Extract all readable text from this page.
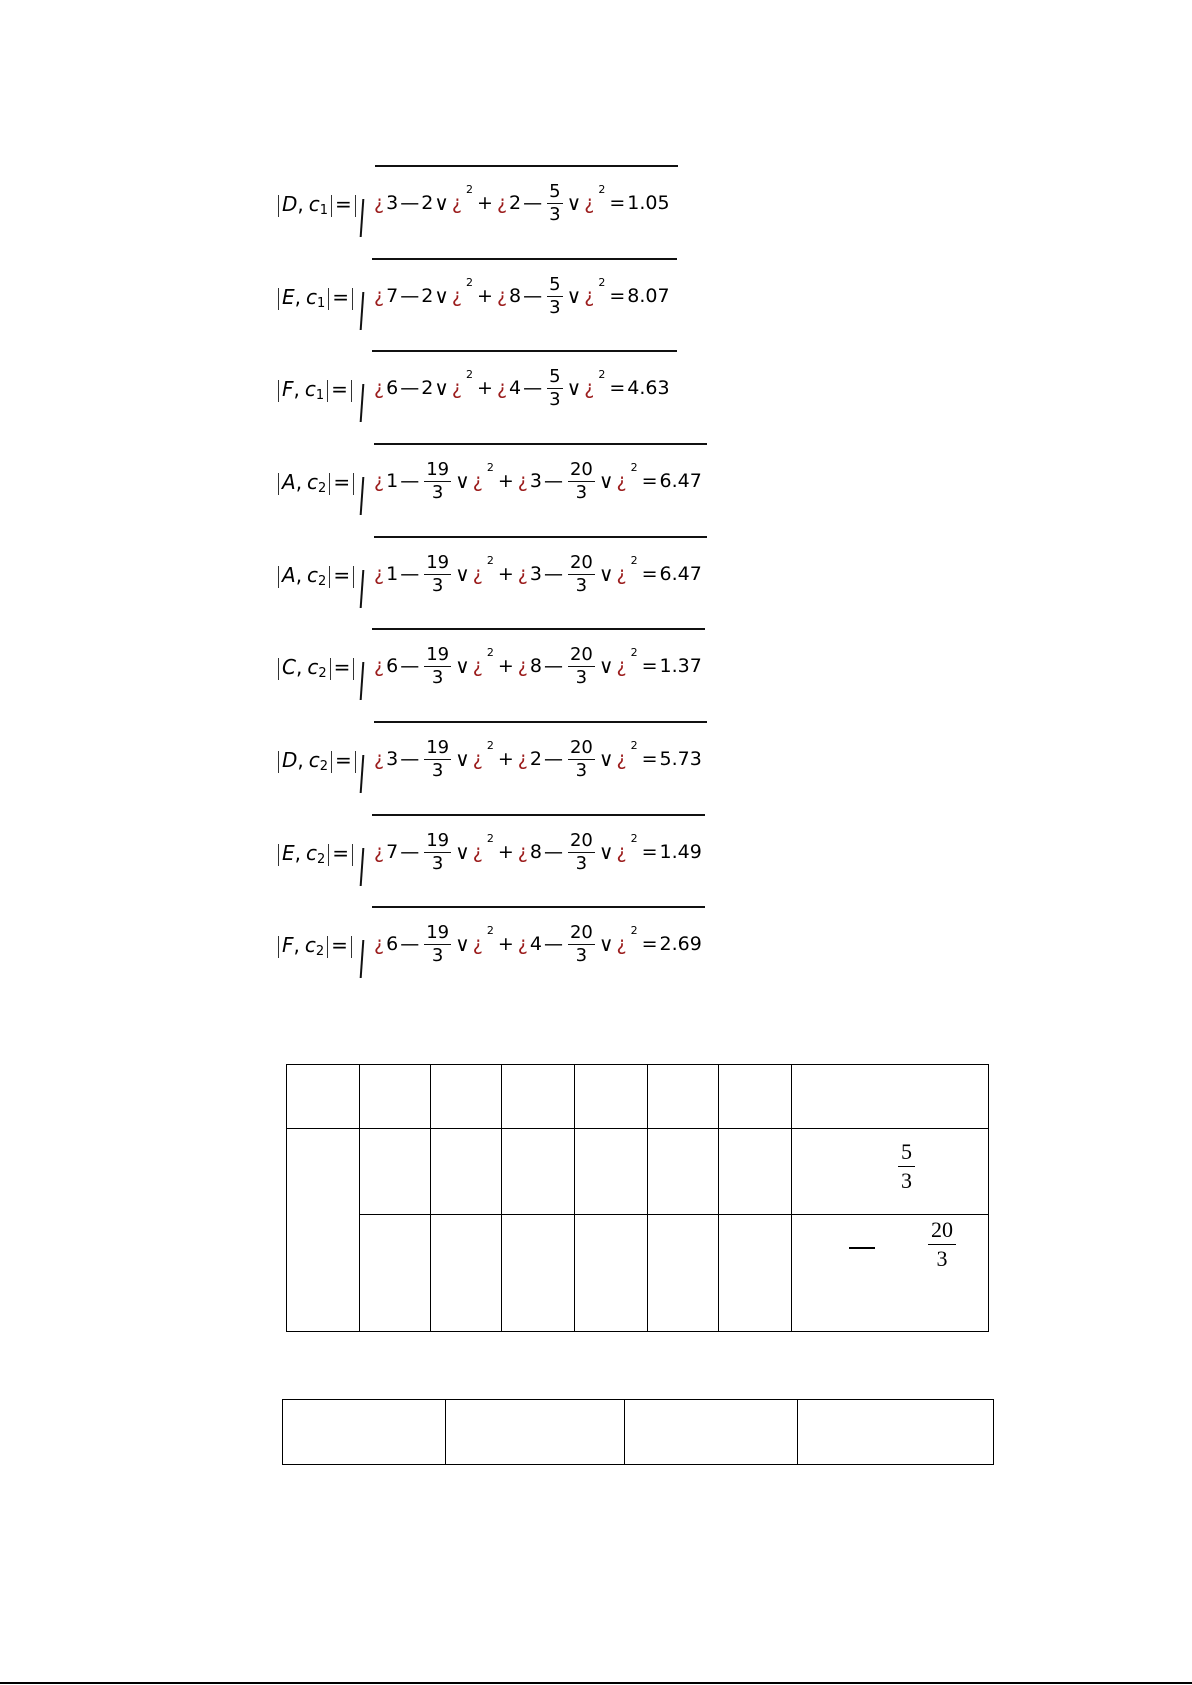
D, $c_1$ =	¿ 3 — 2 ∨ ¿
2
+ ¿ 2 — $\frac{5}{3}$ ∨ ¿
2
= 1.05
E, $c_1$ =	¿ 7 — 2 ∨ ¿
2
+ ¿ 8 — $\frac{5}{3}$ ∨ ¿
2
= 8.07
F, $c_1$ =	¿ 6 — 2 ∨ ¿
2
+ ¿ 4 — $\frac{5}{3}$ ∨ ¿
2
= 4.63
A, $c_2$ =	¿ 1 — $\frac{19}{3}$ ∨ ¿
2
+ ¿ 3 — $\frac{20}{3}$ ∨ ¿
2
= 6.47
A, $c_2$ =	¿ 1 — $\frac{19}{3}$ ∨ ¿
2
+ ¿ 3 — $\frac{20}{3}$ ∨ ¿
2
= 6.47
C, $c_2$ =	¿ 6 — $\frac{19}{3}$ ∨ ¿
2
+ ¿ 8 — $\frac{20}{3}$ ∨ ¿
2
= 1.37
D, $c_2$ =	¿ 3 — $\frac{19}{3}$ ∨ ¿
2
+ ¿ 2 — $\frac{20}{3}$ ∨ ¿
2
= 5.73
E, $c_2$ =	¿ 7 — $\frac{19}{3}$ ∨ ¿
2
+ ¿ 8 — $\frac{20}{3}$ ∨ ¿
2
= 1.49
F, $c_2$ =	¿ 6 — $\frac{19}{3}$ ∨ ¿
2
+ ¿ 4 — $\frac{20}{3}$ ∨ ¿
2
= 2.69

$\frac{5}{3}$
$\frac{20}{3}$
